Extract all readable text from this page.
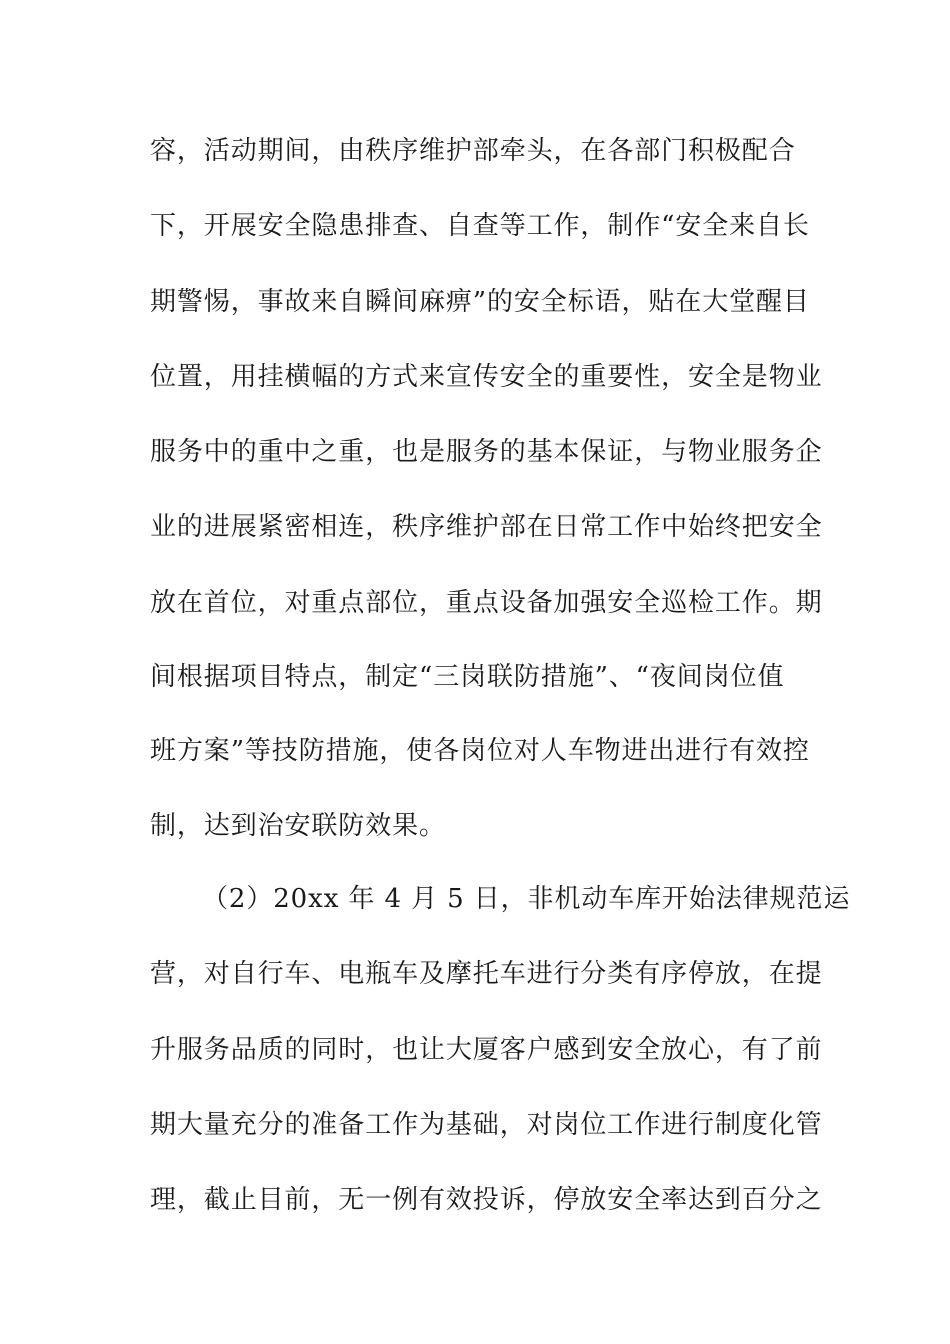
容，活动期间，由秩序维护部牵头，在各部门积极配合
下，开展安全隐患排查、自查等工作，制作“安全来自长
期警惕，事故来自瞬间麻痹”的安全标语，贴在大堂醒目
位置，用挂横幅的方式来宣传安全的重要性，安全是物业
服务中的重中之重，也是服务的基本保证，与物业服务企
业的进展紧密相连，秩序维护部在日常工作中始终把安全
放在首位，对重点部位，重点设备加强安全巡检工作。期
间根据项目特点，制定“三岗联防措施”、“夜间岗位值
班方案”等技防措施，使各岗位对人车物进出进行有效控
制，达到治安联防效果。
（2）20xx 年 4 月 5 日，非机动车库开始法律规范运
营，对自行车、电瓶车及摩托车进行分类有序停放，在提
升服务品质的同时，也让大厦客户感到安全放心，有了前
期大量充分的准备工作为基础，对岗位工作进行制度化管
理，截止目前，无一例有效投诉，停放安全率达到百分之
